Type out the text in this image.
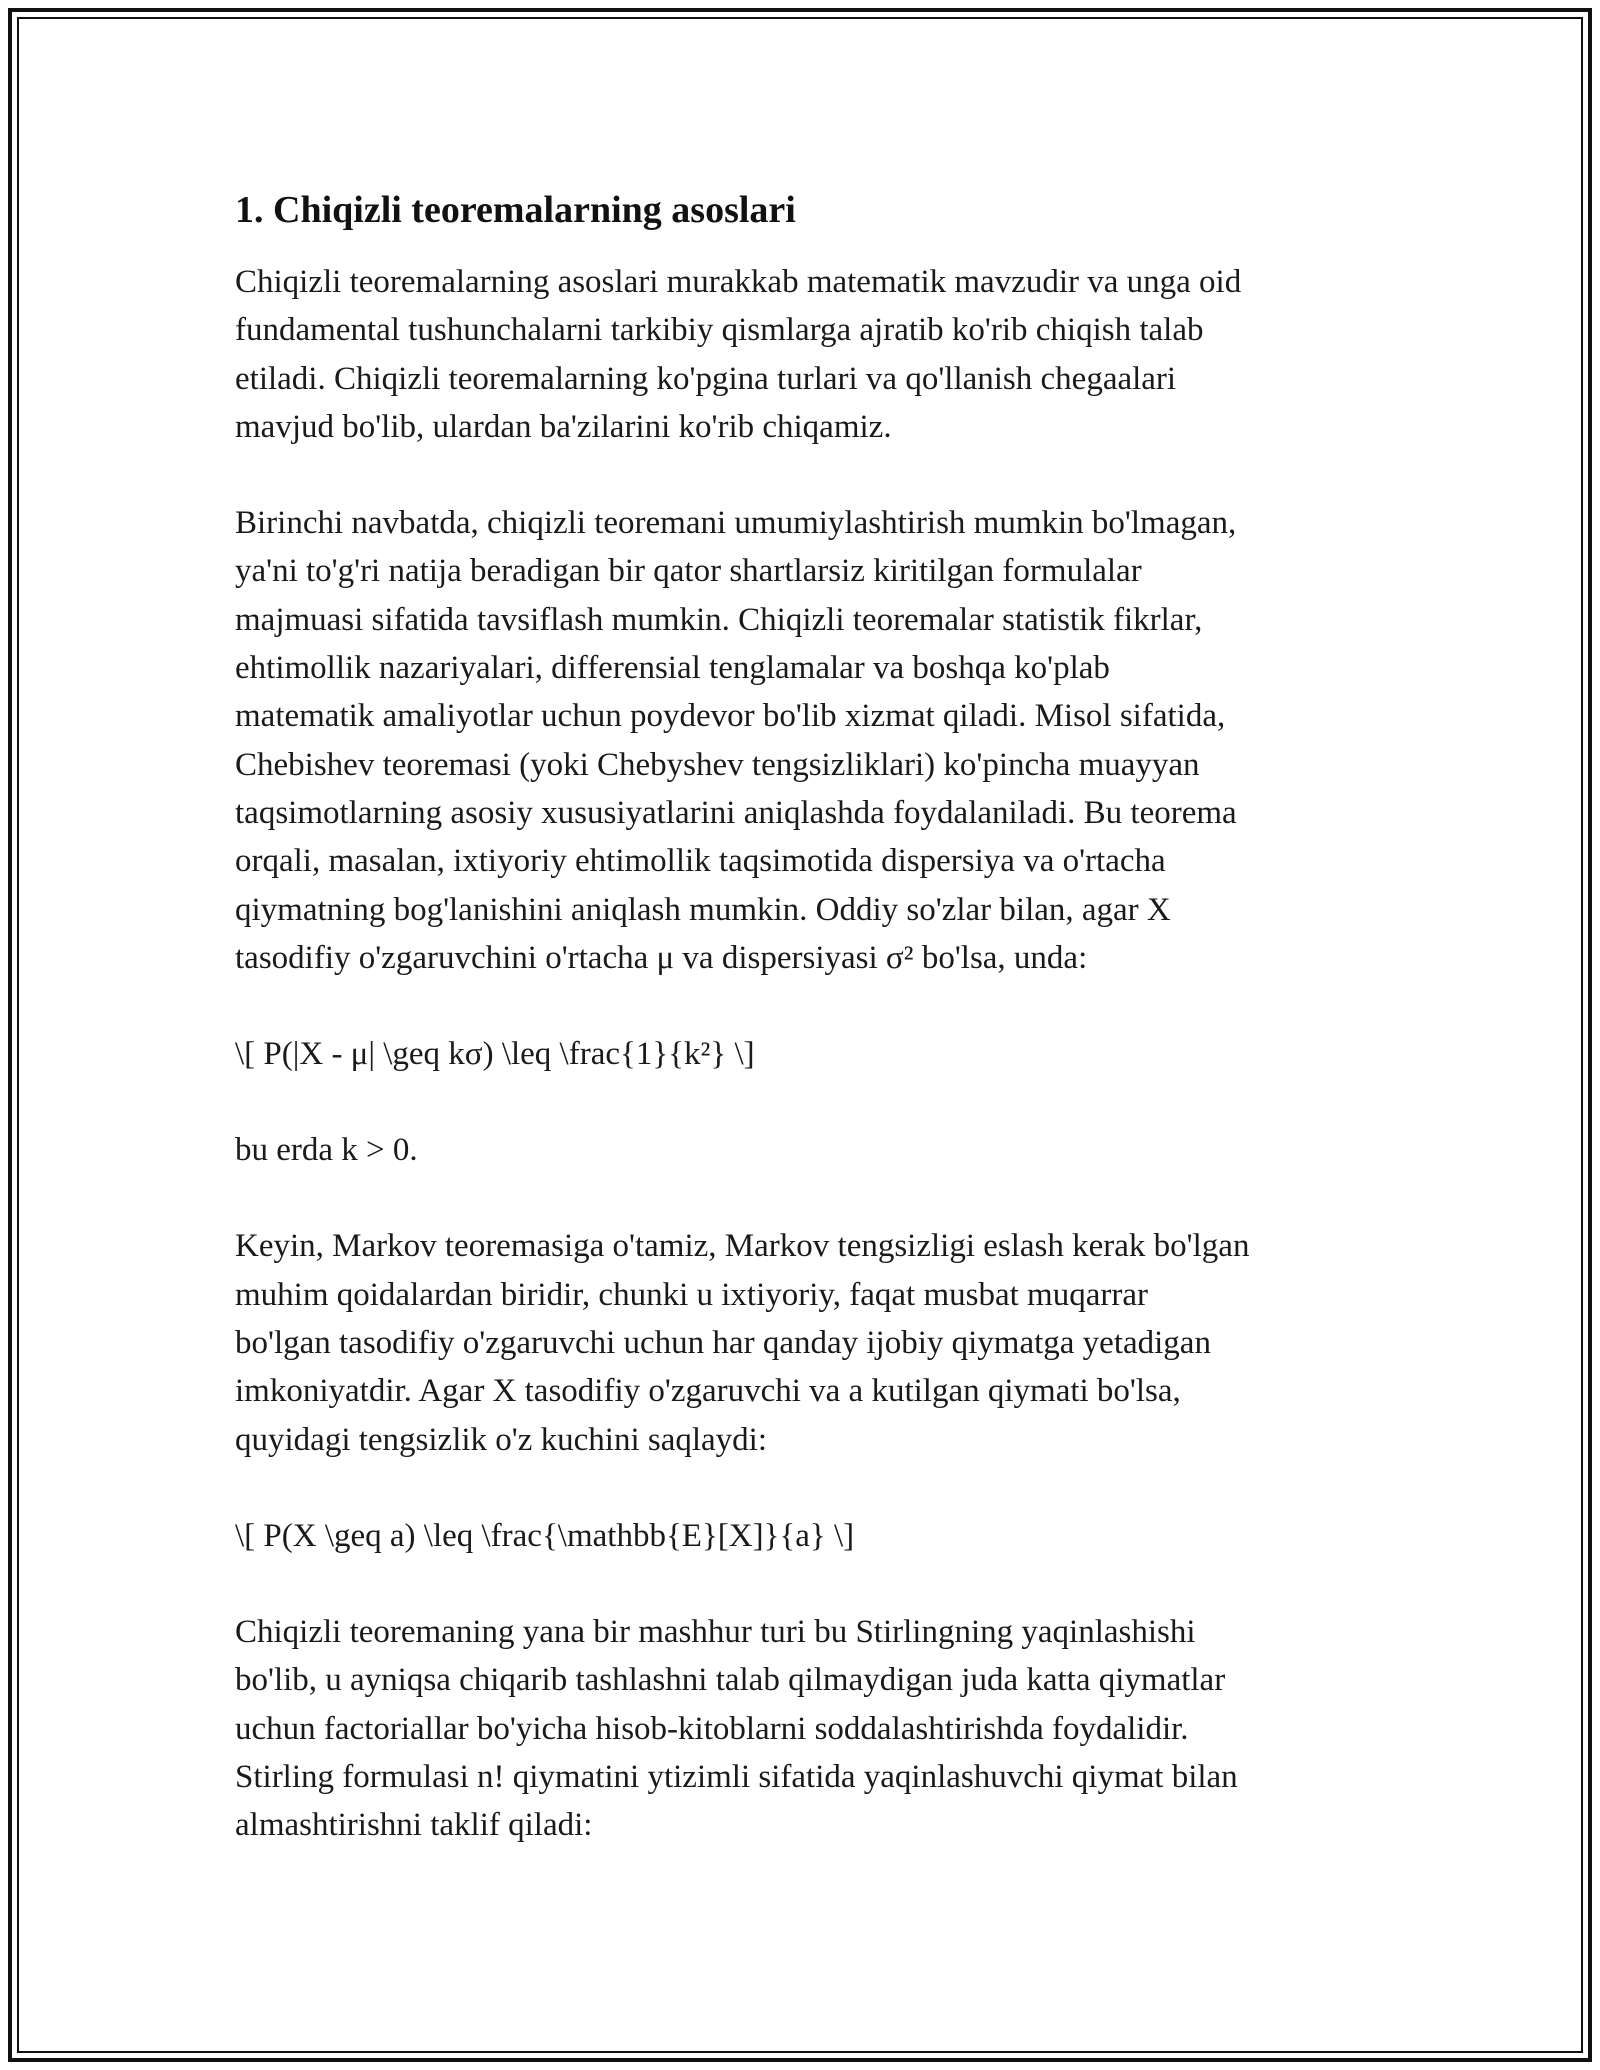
1. Chiqizli teoremalarning asoslari

Chiqizli teoremalarning asoslari murakkab matematik mavzudir va unga oid
fundamental tushunchalarni tarkibiy qismlarga ajratib ko'rib chiqish talab
etiladi. Chiqizli teoremalarning ko'pgina turlari va qo'llanish chegaalari
mavjud bo'lib, ulardan ba'zilarini ko'rib chiqamiz.

Birinchi navbatda, chiqizli teoremani umumiylashtirish mumkin bo'lmagan,
ya'ni to'g'ri natija beradigan bir qator shartlarsiz kiritilgan formulalar
majmuasi sifatida tavsiflash mumkin. Chiqizli teoremalar statistik fikrlar,
ehtimollik nazariyalari, differensial tenglamalar va boshqa ko'plab
matematik amaliyotlar uchun poydevor bo'lib xizmat qiladi. Misol sifatida,
Chebishev teoremasi (yoki Chebyshev tengsizliklari) ko'pincha muayyan
taqsimotlarning asosiy xususiyatlarini aniqlashda foydalaniladi. Bu teorema
orqali, masalan, ixtiyoriy ehtimollik taqsimotida dispersiya va o'rtacha
qiymatning bog'lanishini aniqlash mumkin. Oddiy so'zlar bilan, agar X
tasodifiy o'zgaruvchini o'rtacha μ va dispersiyasi σ² bo'lsa, unda:

\[ P(|X - μ| \geq kσ) \leq \frac{1}{k²} \]

bu erda k > 0.

Keyin, Markov teoremasiga o'tamiz, Markov tengsizligi eslash kerak bo'lgan
muhim qoidalardan biridir, chunki u ixtiyoriy, faqat musbat muqarrar
bo'lgan tasodifiy o'zgaruvchi uchun har qanday ijobiy qiymatga yetadigan
imkoniyatdir. Agar X tasodifiy o'zgaruvchi va a kutilgan qiymati bo'lsa,
quyidagi tengsizlik o'z kuchini saqlaydi:

\[ P(X \geq a) \leq \frac{\mathbb{E}[X]}{a} \]

Chiqizli teoremaning yana bir mashhur turi bu Stirlingning yaqinlashishi
bo'lib, u ayniqsa chiqarib tashlashni talab qilmaydigan juda katta qiymatlar
uchun factoriallar bo'yicha hisob-kitoblarni soddalashtirishda foydalidir.
Stirling formulasi n! qiymatini ytizimli sifatida yaqinlashuvchi qiymat bilan
almashtirishni taklif qiladi:
